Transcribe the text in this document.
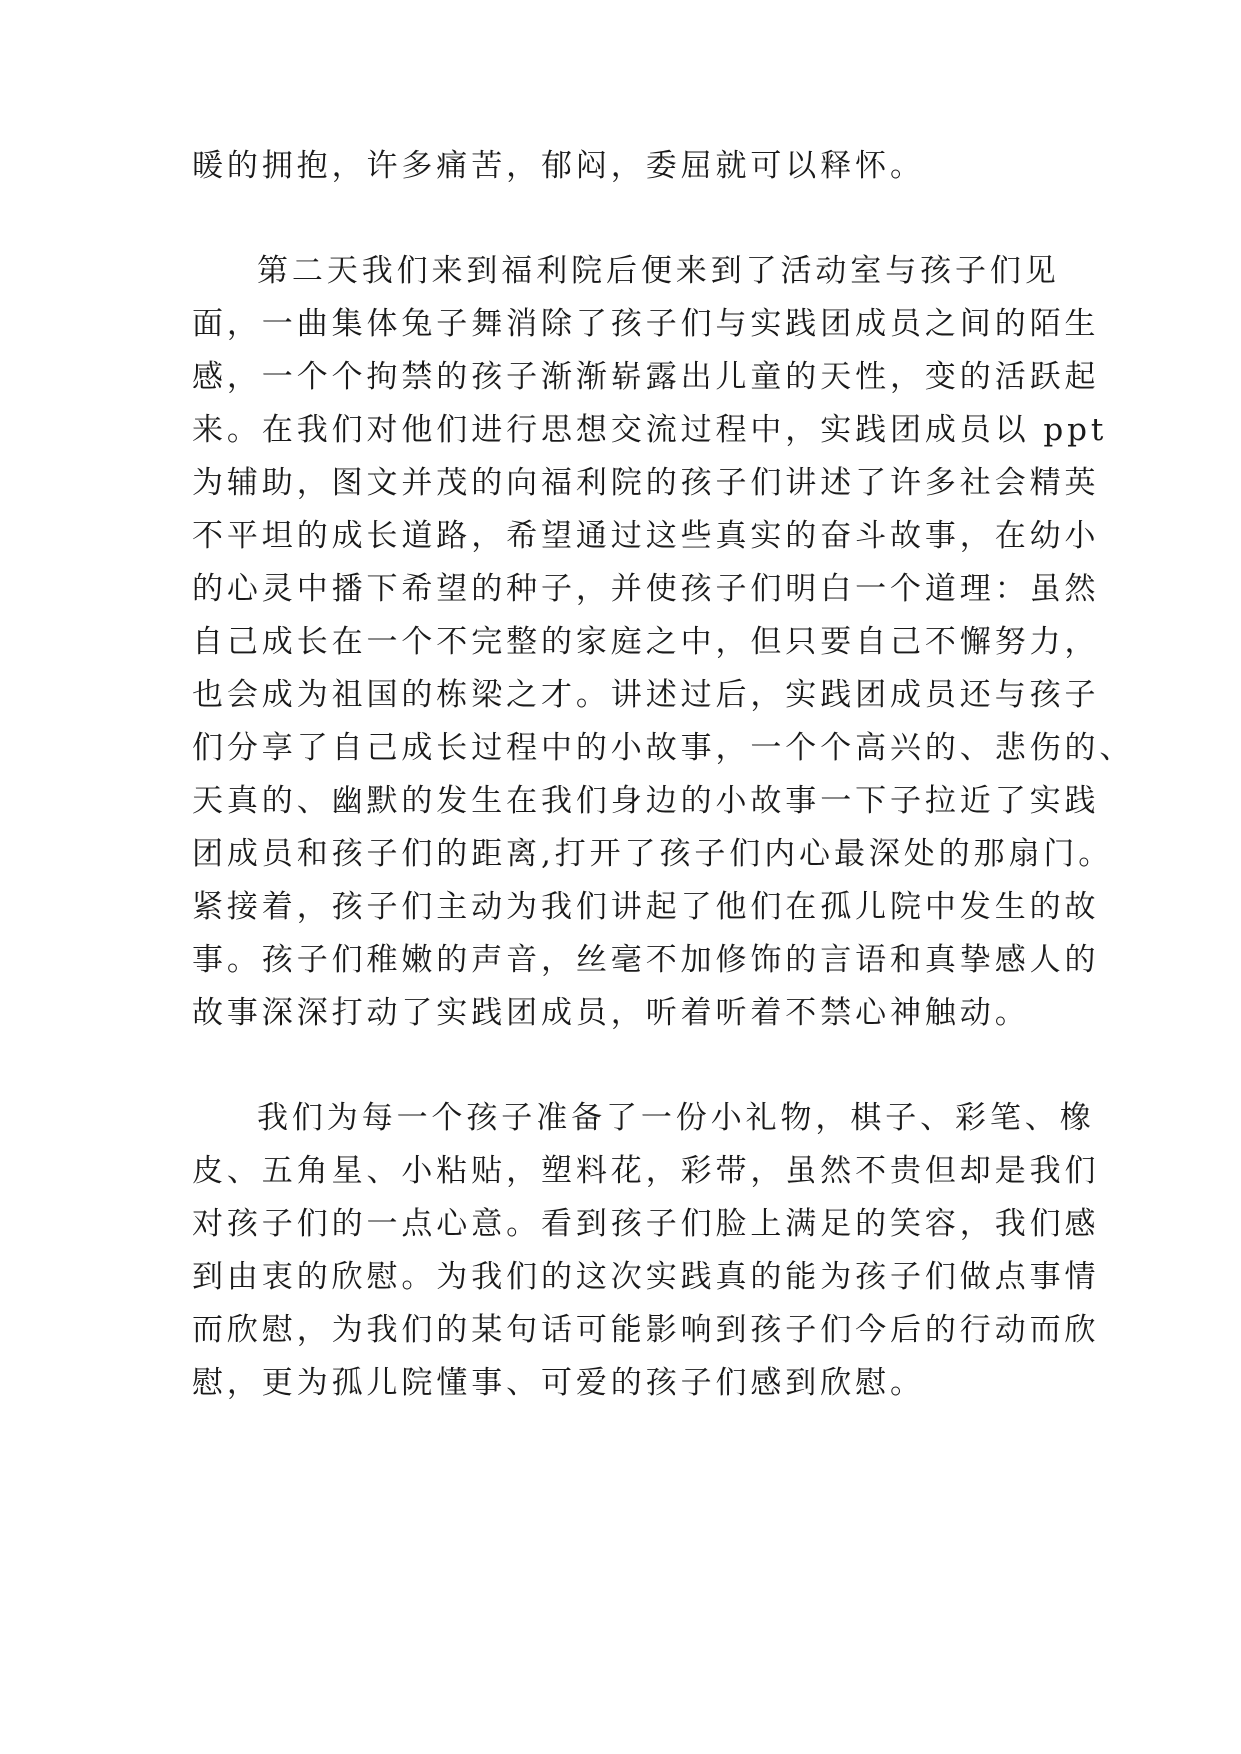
暖的拥抱，许多痛苦，郁闷，委屈就可以释怀。
第二天我们来到福利院后便来到了活动室与孩子们见
面，一曲集体兔子舞消除了孩子们与实践团成员之间的陌生
感，一个个拘禁的孩子渐渐崭露出儿童的天性，变的活跃起
来。在我们对他们进行思想交流过程中，实践团成员以 ppt
为辅助，图文并茂的向福利院的孩子们讲述了许多社会精英
不平坦的成长道路，希望通过这些真实的奋斗故事，在幼小
的心灵中播下希望的种子，并使孩子们明白一个道理：虽然
自己成长在一个不完整的家庭之中，但只要自己不懈努力，
也会成为祖国的栋梁之才。讲述过后，实践团成员还与孩子
们分享了自己成长过程中的小故事，一个个高兴的、悲伤的、
天真的、幽默的发生在我们身边的小故事一下子拉近了实践
团成员和孩子们的距离,打开了孩子们内心最深处的那扇门。
紧接着，孩子们主动为我们讲起了他们在孤儿院中发生的故
事。孩子们稚嫩的声音，丝毫不加修饰的言语和真挚感人的
故事深深打动了实践团成员，听着听着不禁心神触动。
我们为每一个孩子准备了一份小礼物，棋子、彩笔、橡
皮、五角星、小粘贴，塑料花，彩带，虽然不贵但却是我们
对孩子们的一点心意。看到孩子们脸上满足的笑容，我们感
到由衷的欣慰。为我们的这次实践真的能为孩子们做点事情
而欣慰，为我们的某句话可能影响到孩子们今后的行动而欣
慰，更为孤儿院懂事、可爱的孩子们感到欣慰。
